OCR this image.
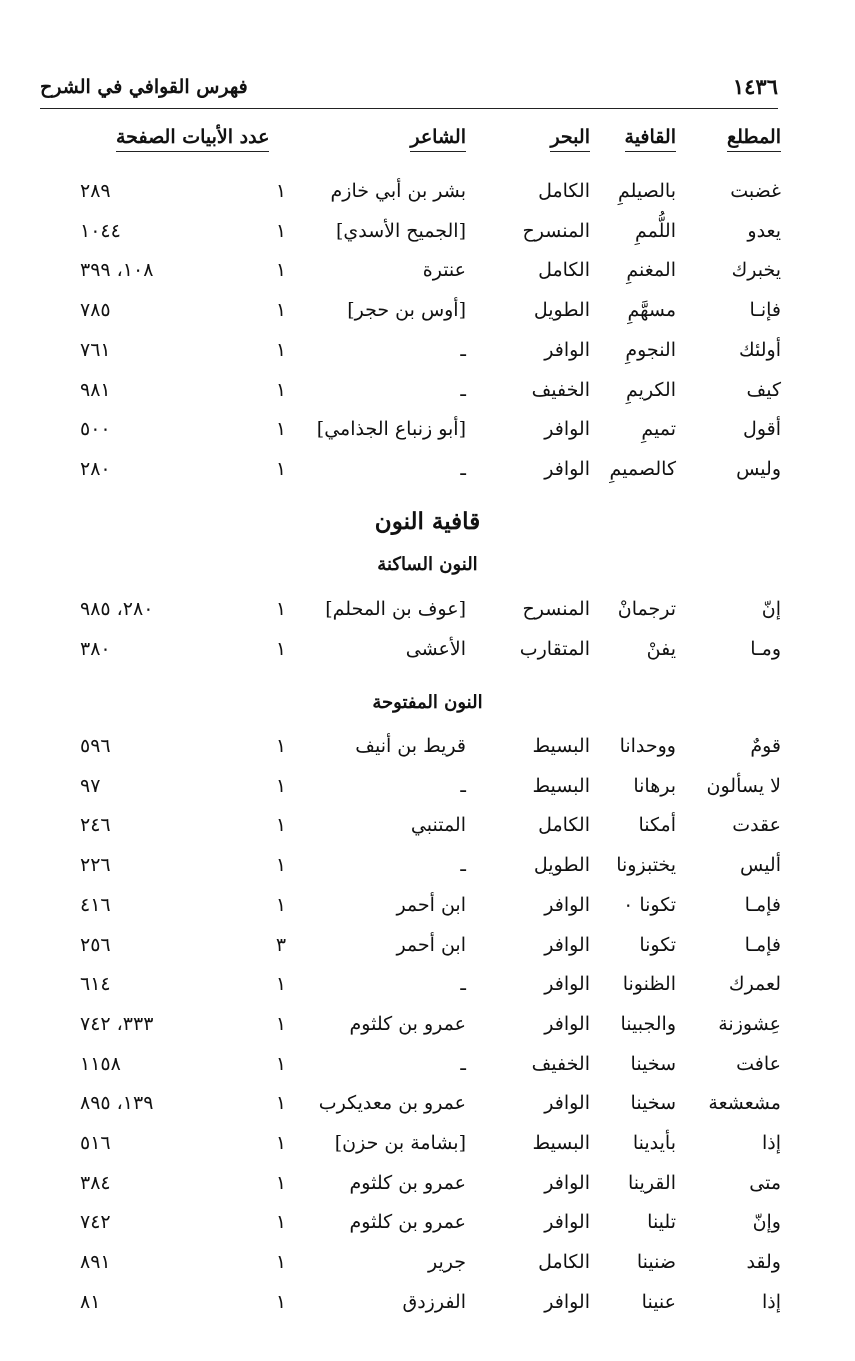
١٤٣٦
فهرس القوافي في الشرح
المطلع
القافية
البحر
الشاعر
عدد الأبيات الصفحة
قافية النون
النون الساكنة
النون المفتوحة
غضبت
بالصيلمِ
الكامل
بشر بن أبي خازم
١
٢٨٩
يعدو
اللُّممِ
المنسرح
[الجميح الأسدي]
١
١٠٤٤
يخبرك
المغنمِ
الكامل
عنترة
١
١٠٨، ٣٩٩
فإنـا
مسهَّمِ
الطويل
[أوس بن حجر]
١
٧٨٥
أولئك
النجومِ
الوافر
ـ
١
٧٦١
كيف
الكريمِ
الخفيف
ـ
١
٩٨١
أقول
تميمِ
الوافر
[أبو زنباع الجذامي]
١
٥٠٠
وليس
كالصميمِ
الوافر
ـ
١
٢٨٠
إنّ
ترجمانْ
المنسرح
[عوف بن المحلم]
١
٢٨٠، ٩٨٥
ومـا
يفنْ
المتقارب
الأعشى
١
٣٨٠
قومٌ
ووحدانا
البسيط
قريط بن أنيف
١
٥٩٦
لا يسألون
برهانا
البسيط
ـ
١
٩٧
عقدت
أمكنا
الكامل
المتنبي
١
٢٤٦
أليس
يختبزونا
الطويل
ـ
١
٢٢٦
فإمـا
تكونا ٠
الوافر
ابن أحمر
١
٤١٦
فإمـا
تكونا
الوافر
ابن أحمر
٣
٢٥٦
لعمرك
الظنونا
الوافر
ـ
١
٦١٤
عِشوزنة
والجبينا
الوافر
عمرو بن كلثوم
١
٣٣٣، ٧٤٢
عافت
سخينا
الخفيف
ـ
١
١١٥٨
مشعشعة
سخينا
الوافر
عمرو بن معديكرب
١
١٣٩، ٨٩٥
إذا
بأيدينا
البسيط
[بشامة بن حزن]
١
٥١٦
متى
القرينا
الوافر
عمرو بن كلثوم
١
٣٨٤
وإنّ
تلينا
الوافر
عمرو بن كلثوم
١
٧٤٢
ولقد
ضنينا
الكامل
جرير
١
٨٩١
إذا
عنينا
الوافر
الفرزدق
١
٨١
